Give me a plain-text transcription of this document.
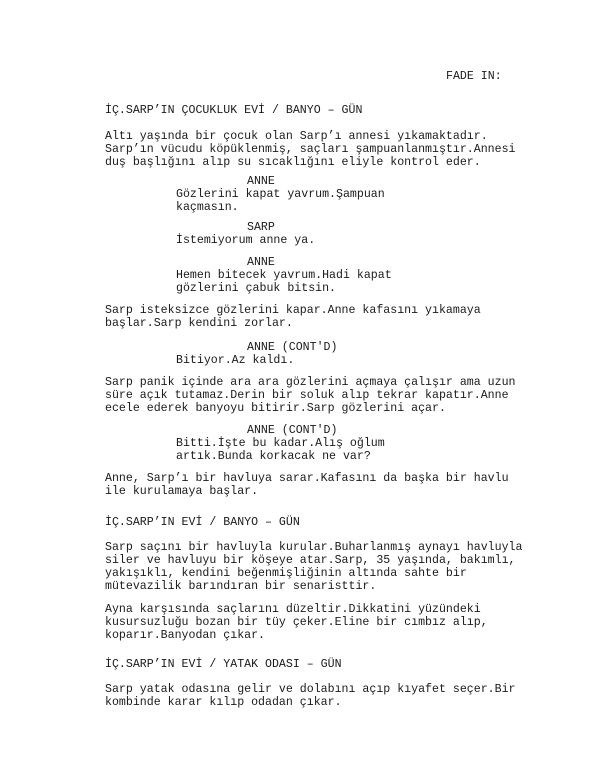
FADE IN:
İÇ.SARP’IN ÇOCUKLUK EVİ / BANYO – GÜN
Altı yaşında bir çocuk olan Sarp’ı annesi yıkamaktadır.
Sarp’ın vücudu köpüklenmiş, saçları şampuanlanmıştır.Annesi
duş başlığını alıp su sıcaklığını eliyle kontrol eder.
ANNE
Gözlerini kapat yavrum.Şampuan
kaçmasın.
SARP
İstemiyorum anne ya.
ANNE
Hemen bitecek yavrum.Hadi kapat
gözlerini çabuk bitsin.
Sarp isteksizce gözlerini kapar.Anne kafasını yıkamaya
başlar.Sarp kendini zorlar.
ANNE (CONT'D)
Bitiyor.Az kaldı.
Sarp panik içinde ara ara gözlerini açmaya çalışır ama uzun
süre açık tutamaz.Derin bir soluk alıp tekrar kapatır.Anne
ecele ederek banyoyu bitirir.Sarp gözlerini açar.
ANNE (CONT'D)
Bitti.İşte bu kadar.Alış oğlum
artık.Bunda korkacak ne var?
Anne, Sarp’ı bir havluya sarar.Kafasını da başka bir havlu
ile kurulamaya başlar.
İÇ.SARP’IN EVİ / BANYO – GÜN
Sarp saçını bir havluyla kurular.Buharlanmış aynayı havluyla
siler ve havluyu bir köşeye atar.Sarp, 35 yaşında, bakımlı,
yakışıklı, kendini beğenmişliğinin altında sahte bir
mütevazilik barındıran bir senaristtir.
Ayna karşısında saçlarını düzeltir.Dikkatini yüzündeki
kusursuzluğu bozan bir tüy çeker.Eline bir cımbız alıp,
koparır.Banyodan çıkar.
İÇ.SARP’IN EVİ / YATAK ODASI – GÜN
Sarp yatak odasına gelir ve dolabını açıp kıyafet seçer.Bir
kombinde karar kılıp odadan çıkar.
